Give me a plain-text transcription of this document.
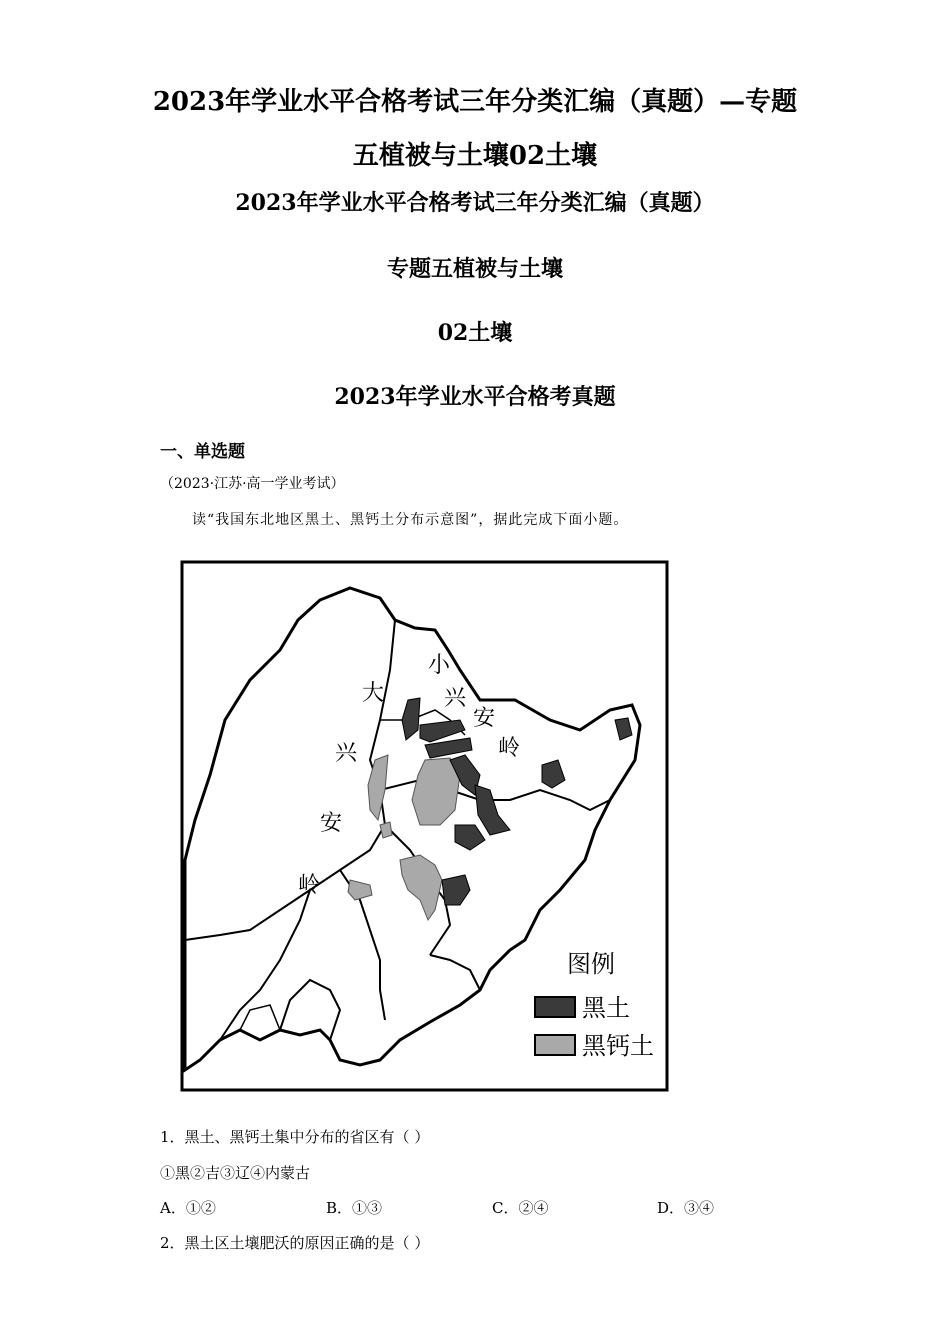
2023年学业水平合格考试三年分类汇编（真题）—专题五植被与土壤02土壤
2023年学业水平合格考试三年分类汇编（真题）
专题五植被与土壤
02土壤
2023年学业水平合格考真题
一、单选题
（2023·江苏·高一学业考试）
读“我国东北地区黑土、黑钙土分布示意图”，据此完成下面小题。
大
兴
安
岭
小
兴
安
岭
图例
黑土
黑钙土
1．黑土、黑钙土集中分布的省区有（ ）
①黑②吉③辽④内蒙古
A．①②	B．①③	C．②④	D．③④
2．黑土区土壤肥沃的原因正确的是（ ）
